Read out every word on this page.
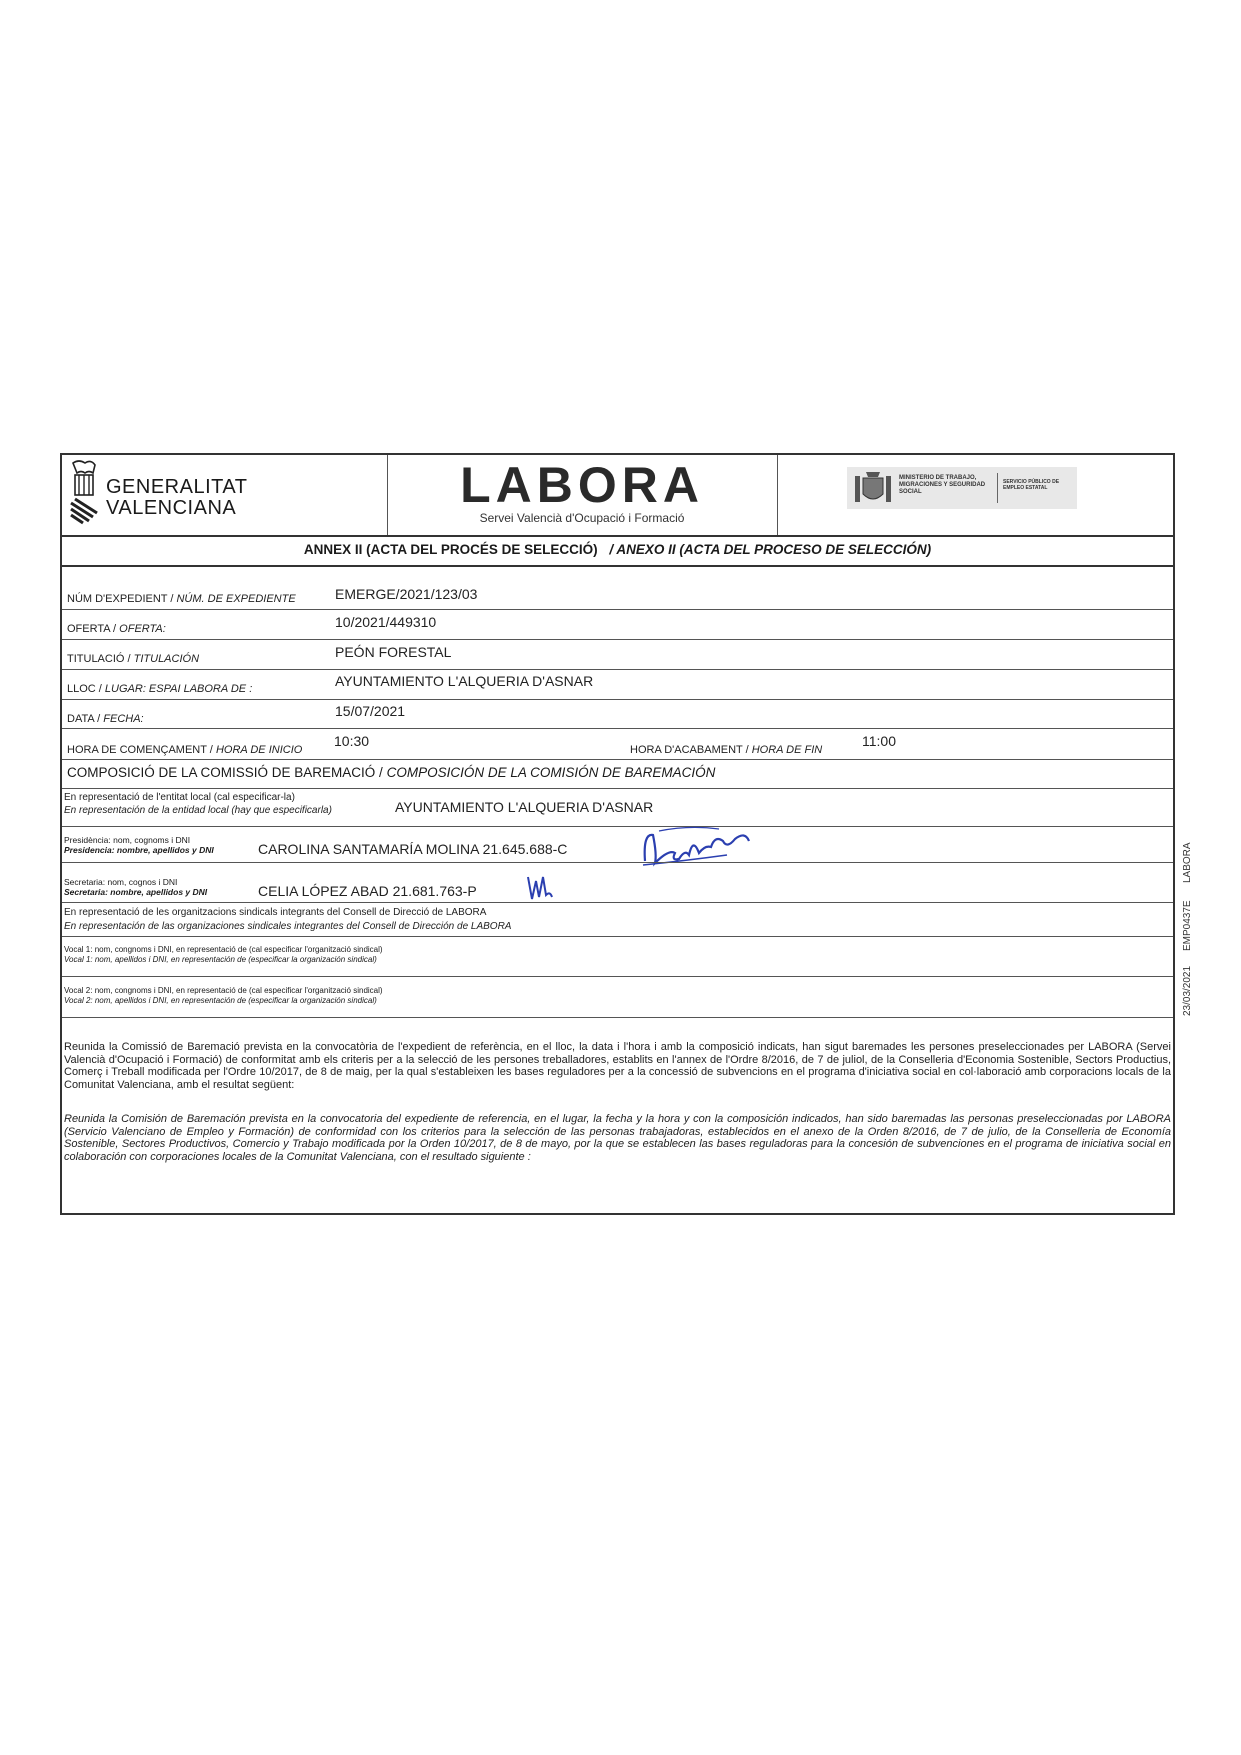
GENERALITAT
VALENCIANA	LABORA
Servei Valencià d'Ocupació i Formació
MINISTERIO DE TRABAJO, MIGRACIONES Y SEGURIDAD SOCIAL
SERVICIO PÚBLICO DE EMPLEO ESTATAL
ANNEX II (ACTA DEL PROCÉS DE SELECCIÓ) / ANEXO II (ACTA DEL PROCESO DE SELECCIÓN)
NÚM D'EXPEDIENT / NÚM. DE EXPEDIENTE	EMERGE/2021/123/03
OFERTA / OFERTA:	10/2021/449310
TITULACIÓ / TITULACIÓN	PEÓN FORESTAL
LLOC / LUGAR: ESPAI LABORA DE :	AYUNTAMIENTO L'ALQUERIA D'ASNAR
DATA / FECHA:	15/07/2021
HORA DE COMENÇAMENT / HORA DE INICIO
10:30
HORA D'ACABAMENT / HORA DE FIN
11:00
COMPOSICIÓ DE LA COMISSIÓ DE BAREMACIÓ / COMPOSICIÓN DE LA COMISIÓN DE BAREMACIÓN
En representació de l'entitat local (cal especificar-la)
En representación de la entidad local (hay que especificarla)	AYUNTAMIENTO L'ALQUERIA D'ASNAR
Presidència: nom, cognoms i DNI
Presidencia: nombre, apellidos y DNI	CAROLINA SANTAMARÍA MOLINA 21.645.688-C
Secretaria: nom, cognos i DNI
Secretaria: nombre, apellidos y DNI	CELIA LÓPEZ ABAD 21.681.763-P
En representació de les organitzacions sindicals integrants del Consell de Direcció de LABORA
En representación de las organizaciones sindicales integrantes del Consell de Dirección de LABORA
Vocal 1: nom, congnoms i DNI, en representació de (cal especificar l'organització sindical)
Vocal 1: nom, apellidos i DNI, en representación de (especificar la organización sindical)
Vocal 2: nom, congnoms i DNI, en representació de (cal especificar l'organització sindical)
Vocal 2: nom, apellidos i DNI, en representación de (especificar la organización sindical)
Reunida la Comissió de Baremació prevista en la convocatòria de l'expedient de referència, en el lloc, la data i l'hora i amb la composició indicats, han sigut baremades les persones preseleccionades per LABORA (Servei Valencià d'Ocupació i Formació) de conformitat amb els criteris per a la selecció de les persones treballadores, establits en l'annex de l'Ordre 8/2016, de 7 de juliol, de la Conselleria d'Economia Sostenible, Sectors Productius, Comerç i Treball modificada per l'Ordre 10/2017, de 8 de maig, per la qual s'estableixen les bases reguladores per a la concessió de subvencions en el programa d'iniciativa social en col·laboració amb corporacions locals de la Comunitat Valenciana, amb el resultat següent:
Reunida la Comisión de Baremación prevista en la convocatoria del expediente de referencia, en el lugar, la fecha y la hora y con la composición indicados, han sido baremadas las personas preseleccionadas por LABORA (Servicio Valenciano de Empleo y Formación) de conformidad con los criterios para la selección de las personas trabajadoras, establecidos en el anexo de la Orden 8/2016, de 7 de julio, de la Conselleria de Economía Sostenible, Sectores Productivos, Comercio y Trabajo modificada por la Orden 10/2017, de 8 de mayo, por la que se establecen las bases reguladoras para la concesión de subvenciones en el programa de iniciativa social en colaboración con corporaciones locales de la Comunitat Valenciana, con el resultado siguiente :
23/03/2021
EMP0437E
LABORA
